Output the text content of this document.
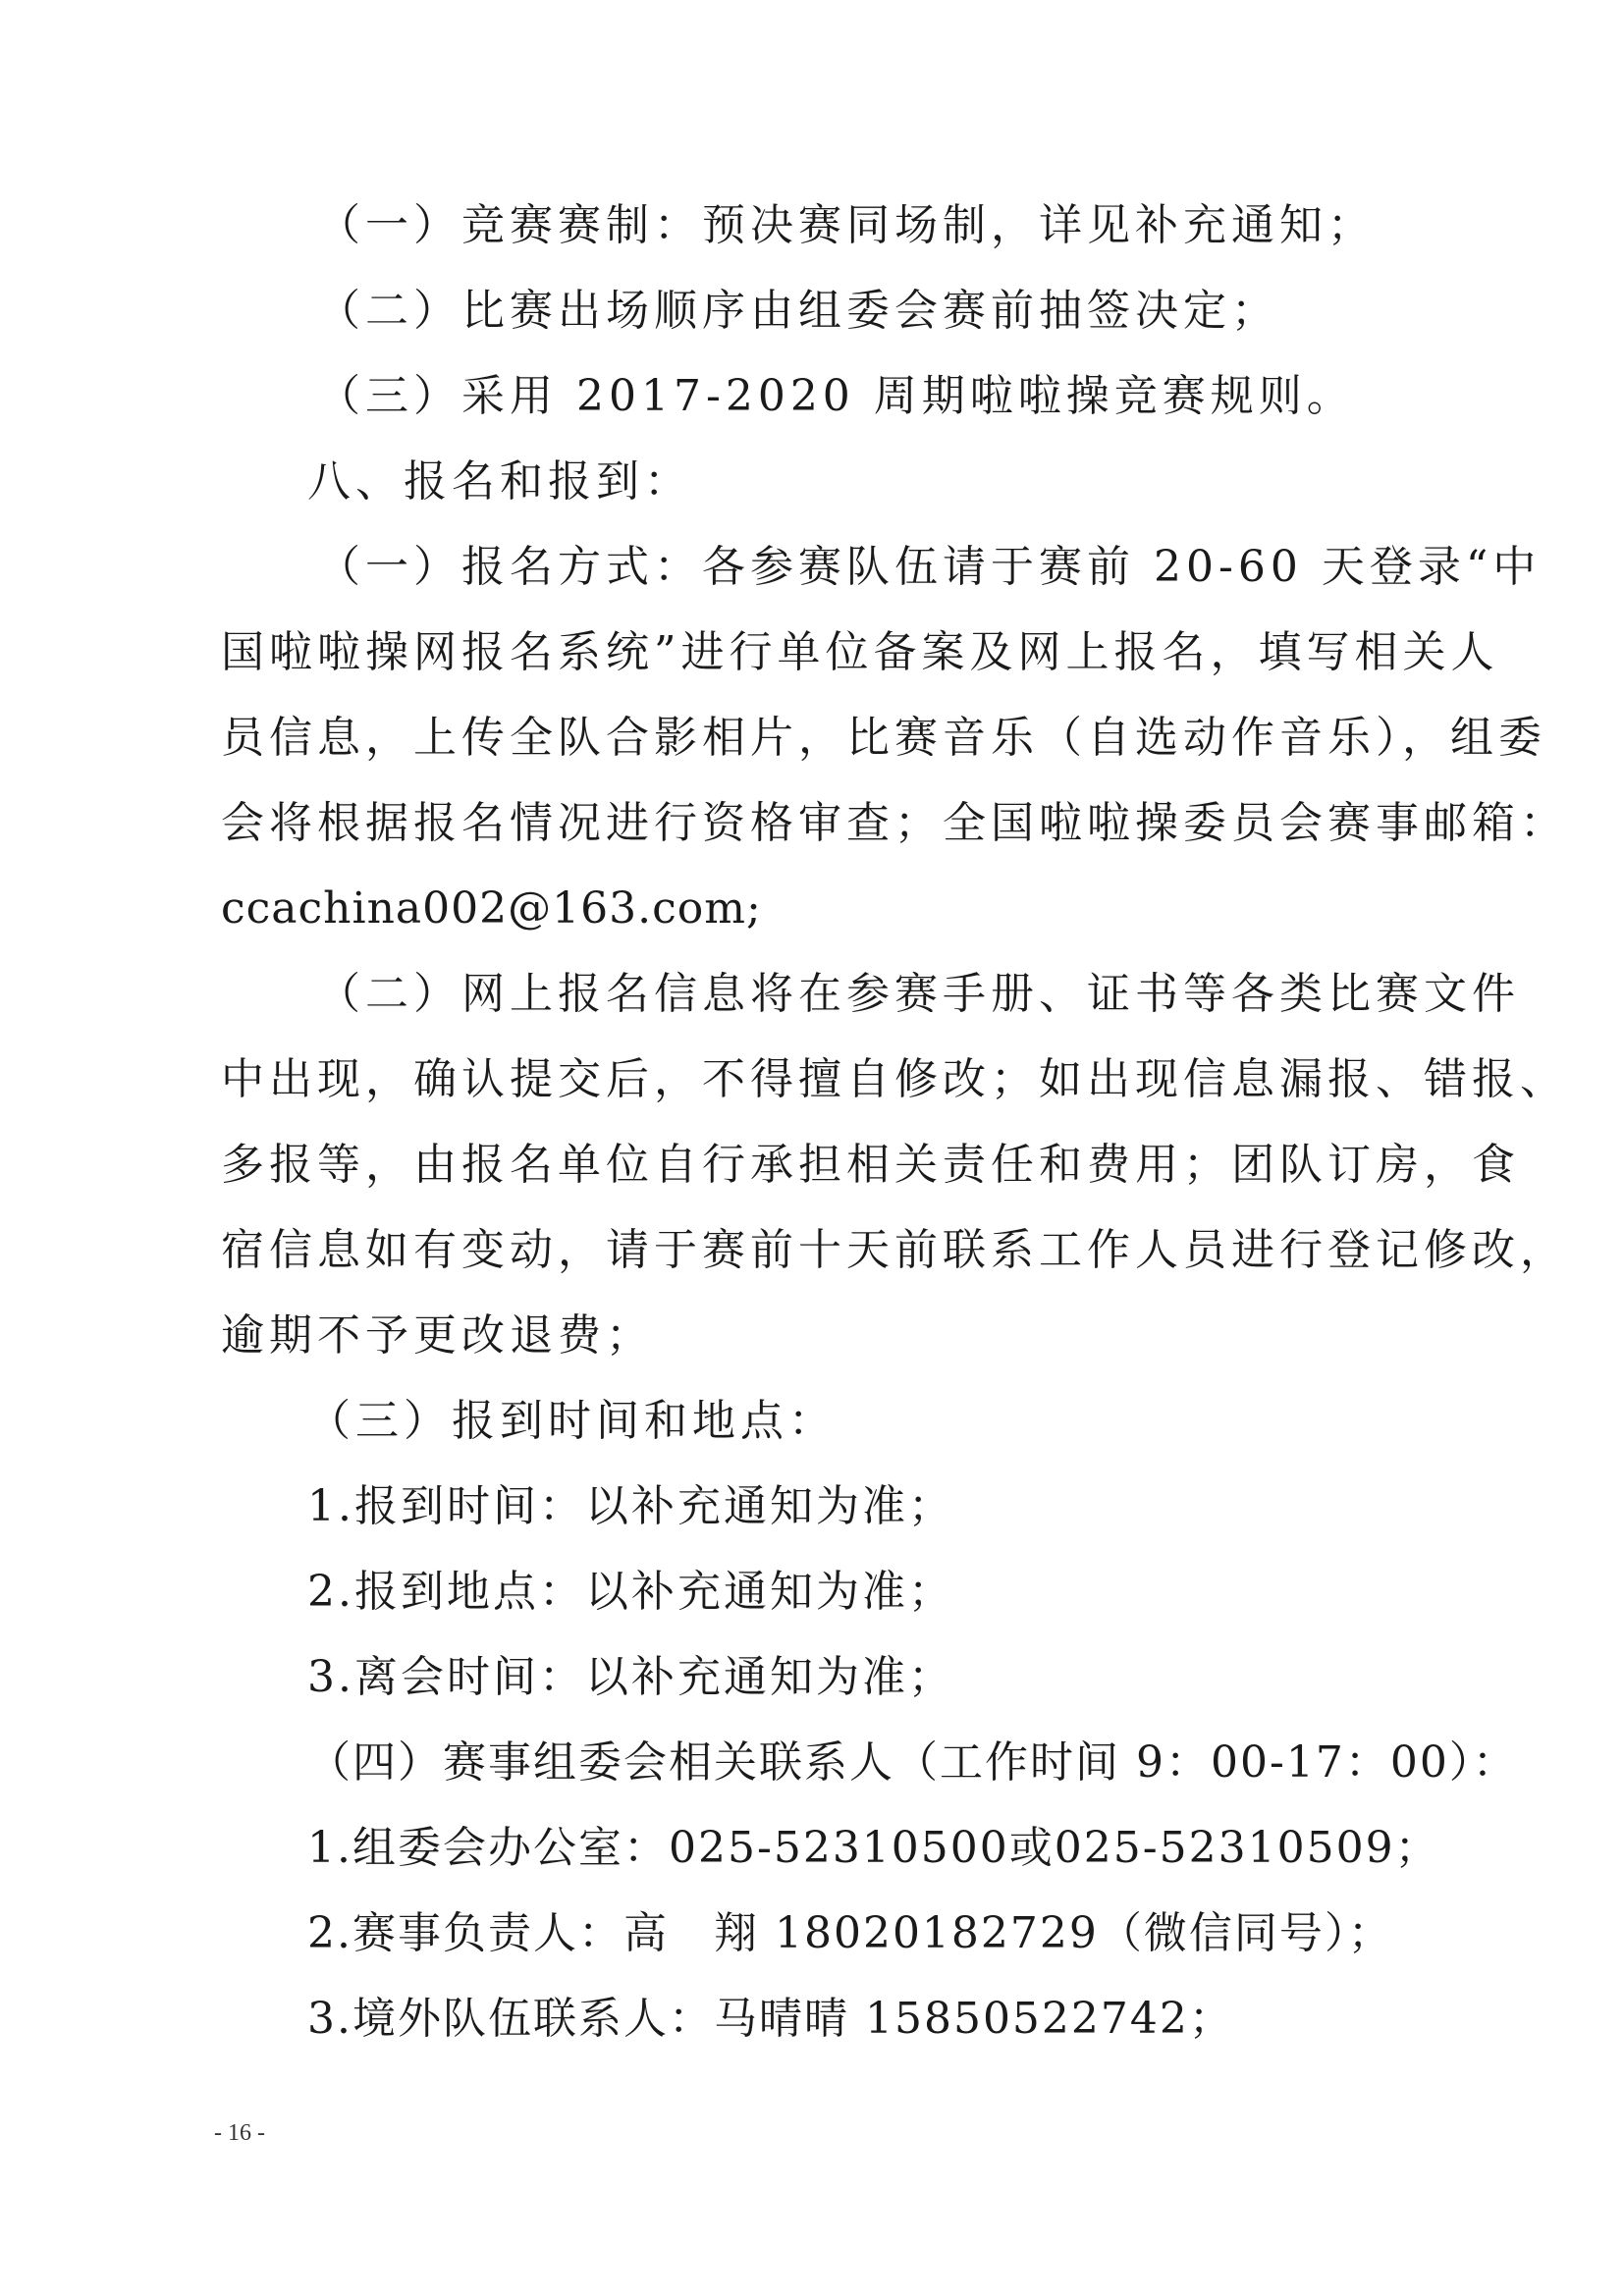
（一）竞赛赛制：预决赛同场制，详见补充通知；
（二）比赛出场顺序由组委会赛前抽签决定；
（三）采用 2017-2020 周期啦啦操竞赛规则。
八、报名和报到：
（一）报名方式：各参赛队伍请于赛前 20-60 天登录“中
国啦啦操网报名系统”进行单位备案及网上报名，填写相关人
员信息，上传全队合影相片，比赛音乐（自选动作音乐），组委
会将根据报名情况进行资格审查；全国啦啦操委员会赛事邮箱：
ccachina002@163.com;
（二）网上报名信息将在参赛手册、证书等各类比赛文件
中出现，确认提交后，不得擅自修改；如出现信息漏报、错报、
多报等，由报名单位自行承担相关责任和费用；团队订房，食
宿信息如有变动，请于赛前十天前联系工作人员进行登记修改，
逾期不予更改退费；
（三）报到时间和地点：
1.报到时间：以补充通知为准；
2.报到地点：以补充通知为准；
3.离会时间：以补充通知为准；
（四）赛事组委会相关联系人（工作时间 9：00-17：00）：
1.组委会办公室：025-52310500或025-52310509；
2.赛事负责人：高　翔 18020182729（微信同号）；
3.境外队伍联系人：马晴晴 15850522742；
- 16 -
